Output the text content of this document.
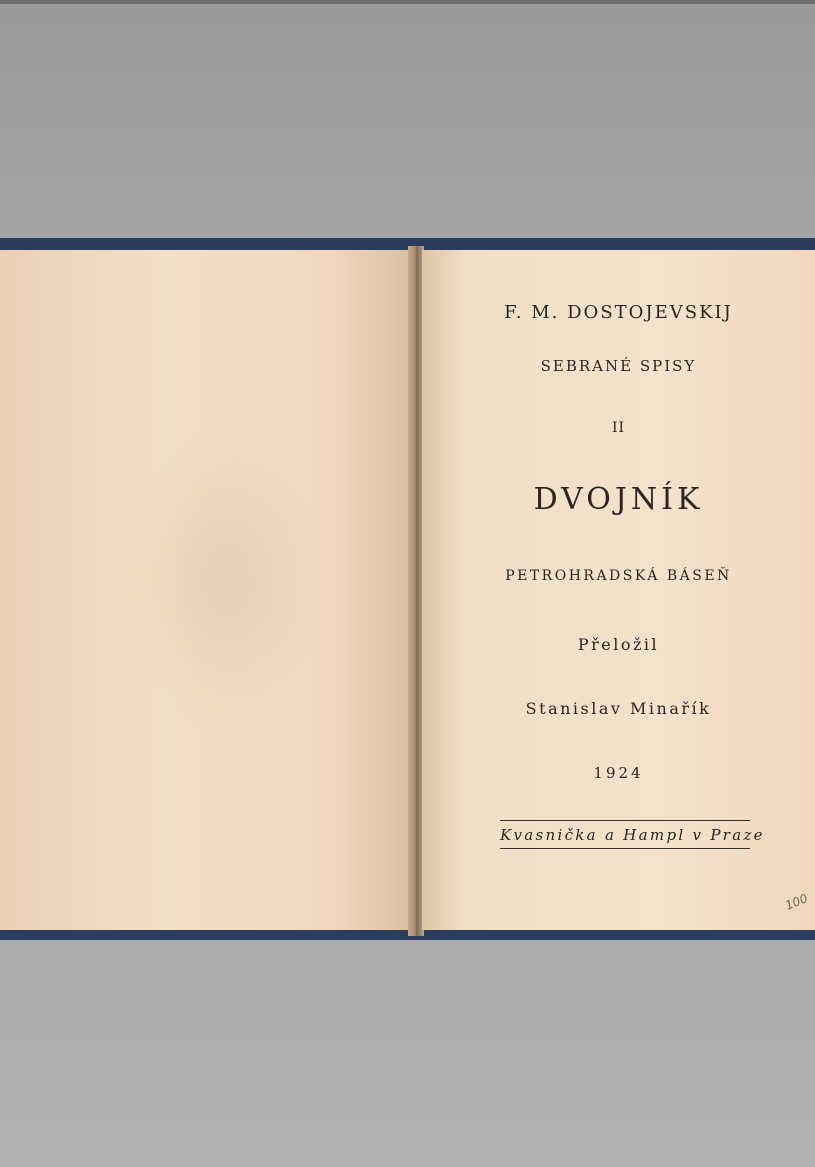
F. M. DOSTOJEVSKIJ
SEBRANÉ SPISY
II
DVOJNÍK
PETROHRADSKÁ BÁSEŇ
Přeložil
Stanislav Minařík
1924
Kvasnička a Hampl v Praze
100
